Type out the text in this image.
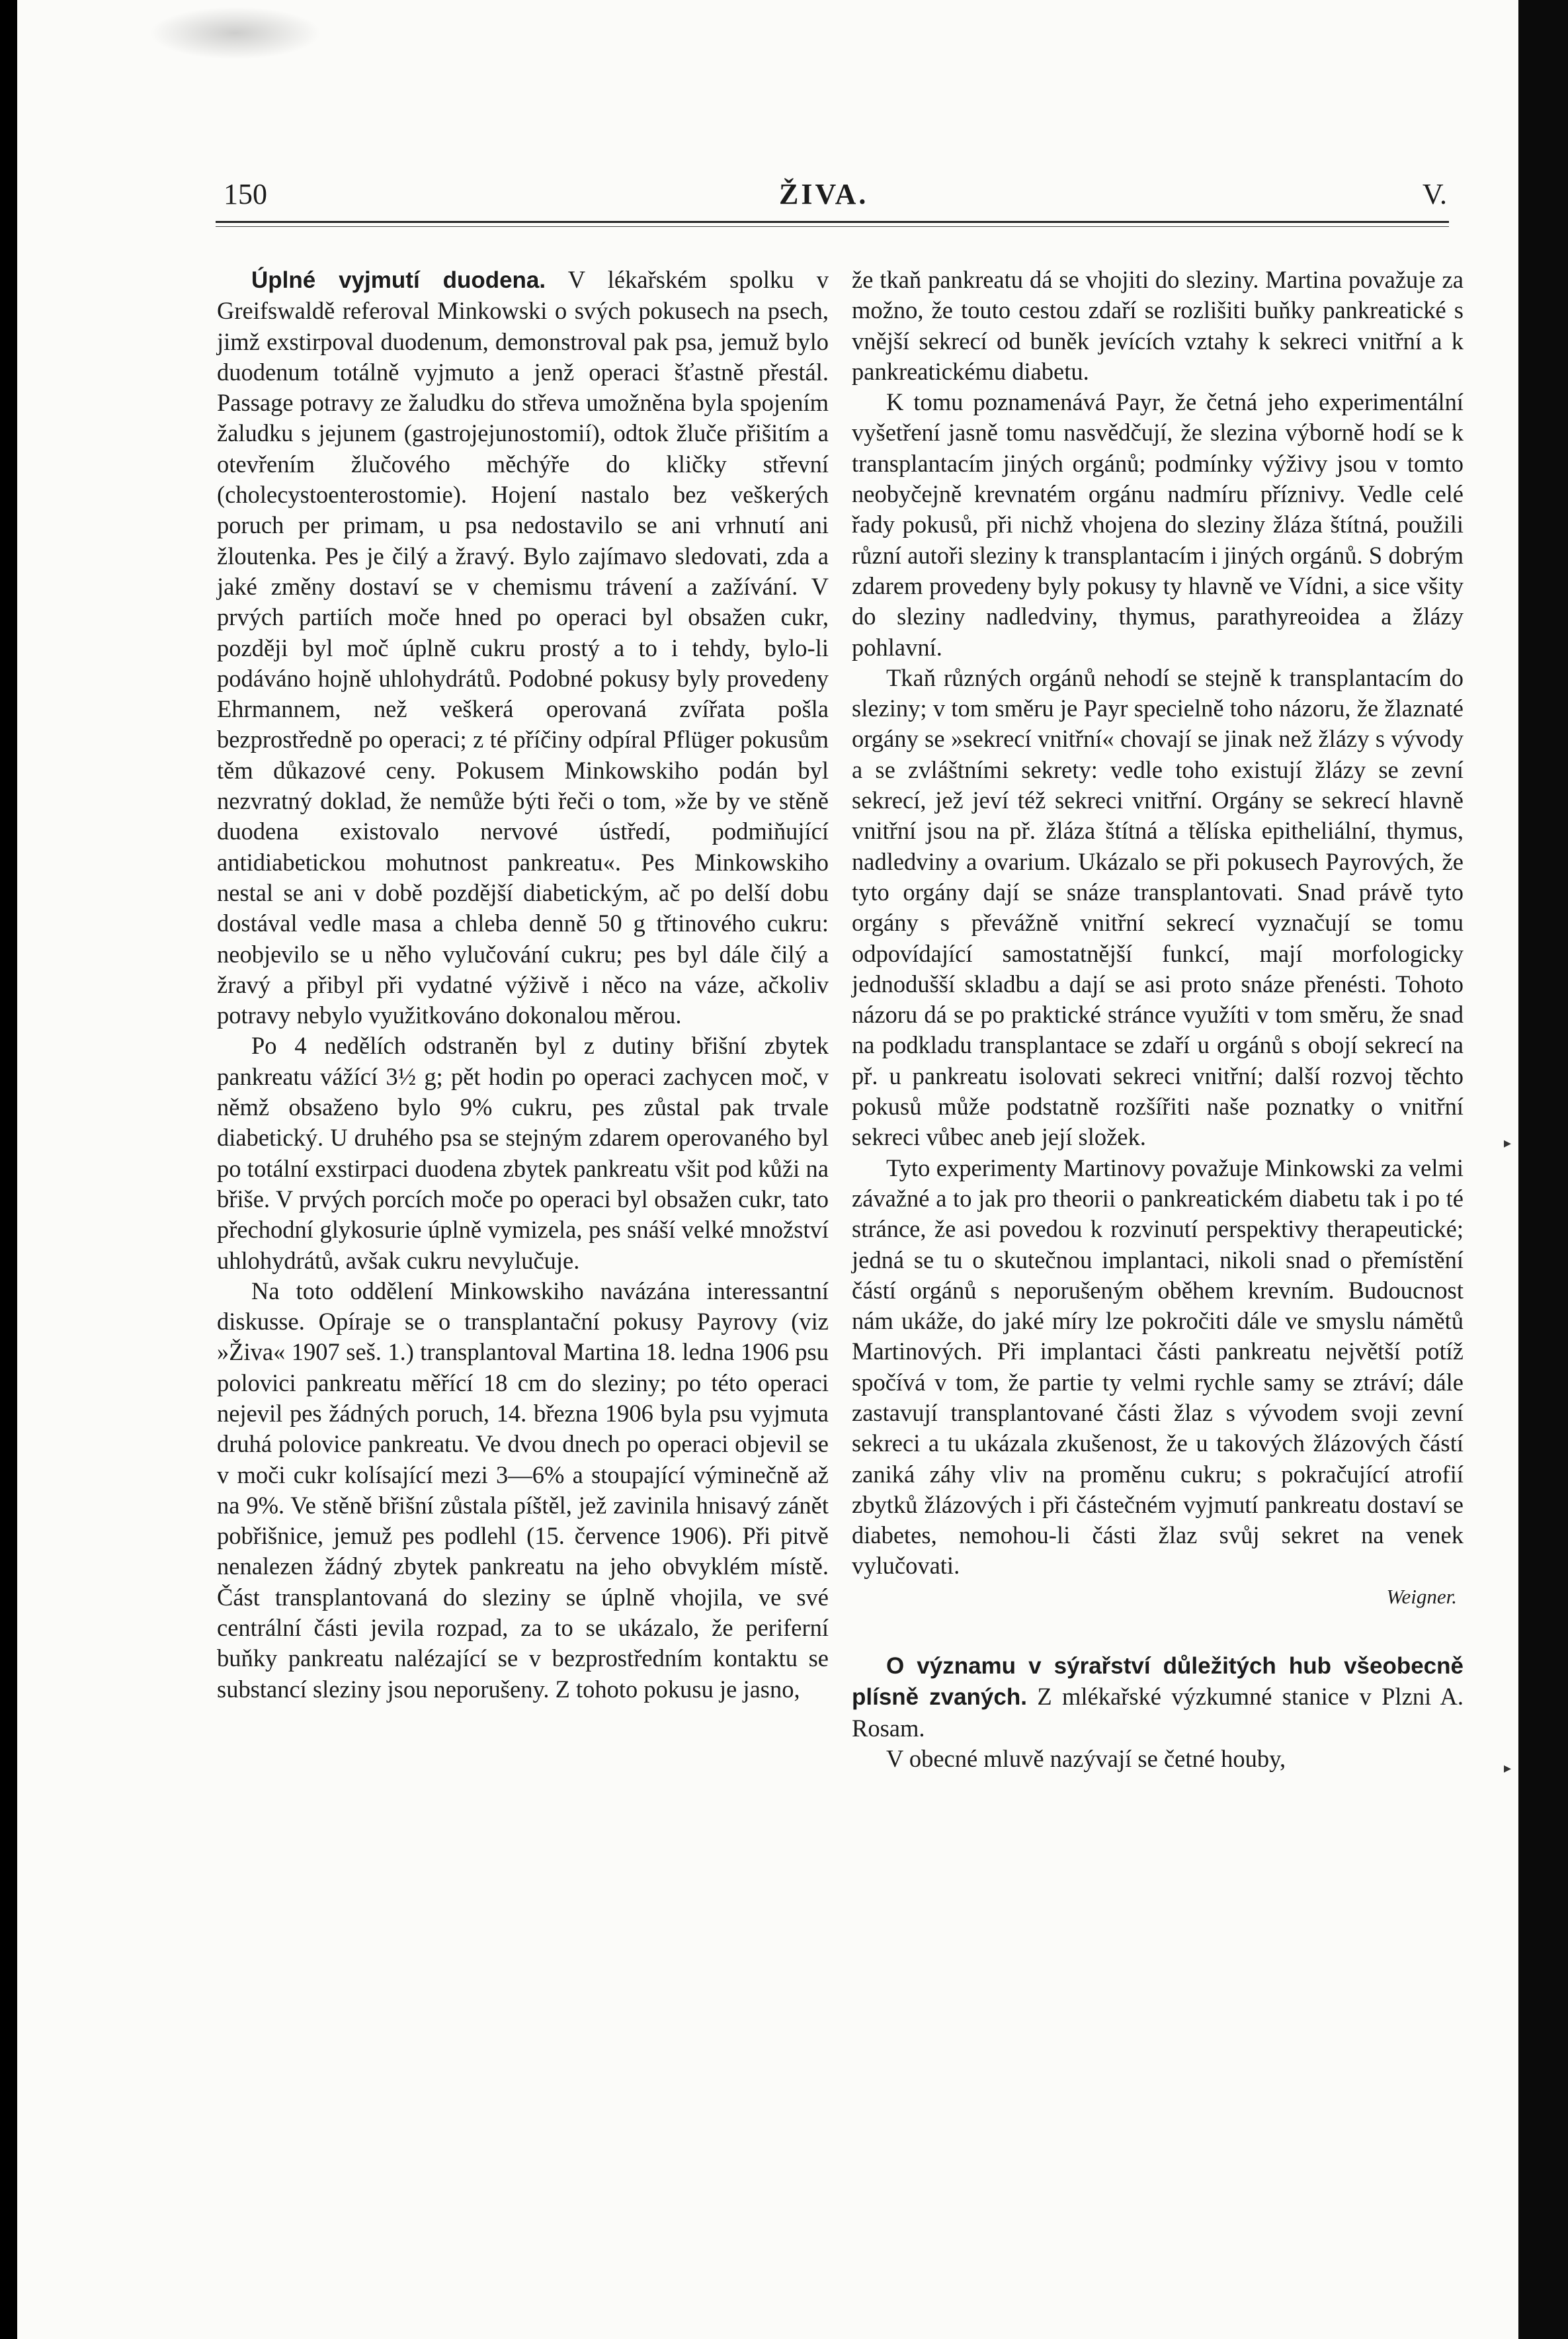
150	ŽIVA.	V.

Úplné vyjmutí duodena. V lékařském spolku v Greifswaldě referoval Minkowski o svých pokusech na psech, jimž exstirpoval duodenum, demonstroval pak psa, jemuž bylo duodenum totálně vyjmuto a jenž operaci šťastně přestál. Passage potravy ze žaludku do střeva umožněna byla spojením žaludku s jejunem (gastrojejunostomií), odtok žluče přišitím a otevřením žlučového měchýře do kličky střevní (cholecystoenterostomie). Hojení nastalo bez veškerých poruch per primam, u psa nedostavilo se ani vrhnutí ani žloutenka. Pes je čilý a žravý. Bylo zajímavo sledovati, zda a jaké změny dostaví se v chemismu trávení a zažívání. V prvých partiích moče hned po operaci byl obsažen cukr, později byl moč úplně cukru prostý a to i tehdy, bylo-li podáváno hojně uhlohydrátů. Podobné pokusy byly provedeny Ehrmannem, než veškerá operovaná zvířata pošla bezprostředně po operaci; z té příčiny odpíral Pflüger pokusům těm důkazové ceny. Pokusem Minkowskiho podán byl nezvratný doklad, že nemůže býti řeči o tom, »že by ve stěně duodena existovalo nervové ústředí, podmiňující antidiabetickou mohutnost pankreatu«. Pes Minkowskiho nestal se ani v době pozdější diabetickým, ač po delší dobu dostával vedle masa a chleba denně 50 g třtinového cukru: neobjevilo se u něho vylučování cukru; pes byl dále čilý a žravý a přibyl při vydatné výživě i něco na váze, ačkoliv potravy nebylo využitkováno dokonalou měrou.

Po 4 nedělích odstraněn byl z dutiny břišní zbytek pankreatu vážící 3½ g; pět hodin po operaci zachycen moč, v němž obsaženo bylo 9% cukru, pes zůstal pak trvale diabetický. U druhého psa se stejným zdarem operovaného byl po totální exstirpaci duodena zbytek pankreatu všit pod kůži na břiše. V prvých porcích moče po operaci byl obsažen cukr, tato přechodní glykosurie úplně vymizela, pes snáší velké množství uhlohydrátů, avšak cukru nevylučuje.

Na toto oddělení Minkowskiho navázána interessantní diskusse. Opíraje se o transplantační pokusy Payrovy (viz »Živa« 1907 seš. 1.) transplantoval Martina 18. ledna 1906 psu polovici pankreatu měřící 18 cm do sleziny; po této operaci nejevil pes žádných poruch, 14. března 1906 byla psu vyjmuta druhá polovice pankreatu. Ve dvou dnech po operaci objevil se v moči cukr kolísající mezi 3—6% a stoupající výminečně až na 9%. Ve stěně břišní zůstala píštěl, jež zavinila hnisavý zánět pobřišnice, jemuž pes podlehl (15. července 1906). Při pitvě nenalezen žádný zbytek pankreatu na jeho obvyklém místě. Část transplantovaná do sleziny se úplně vhojila, ve své centrální části jevila rozpad, za to se ukázalo, že periferní buňky pankreatu nalézající se v bezprostředním kontaktu se substancí sleziny jsou neporušeny. Z tohoto pokusu je jasno,

že tkaň pankreatu dá se vhojiti do sleziny. Martina považuje za možno, že touto cestou zdaří se rozlišiti buňky pankreatické s vnější sekrecí od buněk jevících vztahy k sekreci vnitřní a k pankreatickému diabetu.

K tomu poznamenává Payr, že četná jeho experimentální vyšetření jasně tomu nasvědčují, že slezina výborně hodí se k transplantacím jiných orgánů; podmínky výživy jsou v tomto neobyčejně krevnatém orgánu nadmíru příznivy. Vedle celé řady pokusů, při nichž vhojena do sleziny žláza štítná, použili různí autoři sleziny k transplantacím i jiných orgánů. S dobrým zdarem provedeny byly pokusy ty hlavně ve Vídni, a sice všity do sleziny nadledviny, thymus, parathyreoidea a žlázy pohlavní.

Tkaň různých orgánů nehodí se stejně k transplantacím do sleziny; v tom směru je Payr specielně toho názoru, že žlaznaté orgány se »sekrecí vnitřní« chovají se jinak než žlázy s vývody a se zvláštními sekrety: vedle toho existují žlázy se zevní sekrecí, jež jeví též sekreci vnitřní. Orgány se sekrecí hlavně vnitřní jsou na př. žláza štítná a tělíska epitheliální, thymus, nadledviny a ovarium. Ukázalo se při pokusech Payrových, že tyto orgány dají se snáze transplantovati. Snad právě tyto orgány s převážně vnitřní sekrecí vyznačují se tomu odpovídající samostatnější funkcí, mají morfologicky jednodušší skladbu a dají se asi proto snáze přenésti. Tohoto názoru dá se po praktické stránce využíti v tom směru, že snad na podkladu transplantace se zdaří u orgánů s obojí sekrecí na př. u pankreatu isolovati sekreci vnitřní; další rozvoj těchto pokusů může podstatně rozšířiti naše poznatky o vnitřní sekreci vůbec aneb její složek.

Tyto experimenty Martinovy považuje Minkowski za velmi závažné a to jak pro theorii o pankreatickém diabetu tak i po té stránce, že asi povedou k rozvinutí perspektivy therapeutické; jedná se tu o skutečnou implantaci, nikoli snad o přemístění částí orgánů s neporušeným oběhem krevním. Budoucnost nám ukáže, do jaké míry lze pokročiti dále ve smyslu námětů Martinových. Při implantaci části pankreatu největší potíž spočívá v tom, že partie ty velmi rychle samy se ztráví; dále zastavují transplantované části žlaz s vývodem svoji zevní sekreci a tu ukázala zkušenost, že u takových žlázových částí zaniká záhy vliv na proměnu cukru; s pokračující atrofií zbytků žlázových i při částečném vyjmutí pankreatu dostaví se diabetes, nemohou-li části žlaz svůj sekret na venek vylučovati.

Weigner.

O významu v sýrařství důležitých hub všeobecně plísně zvaných. Z mlékařské výzkumné stanice v Plzni A. Rosam.

V obecné mluvě nazývají se četné houby,

▸
▸
